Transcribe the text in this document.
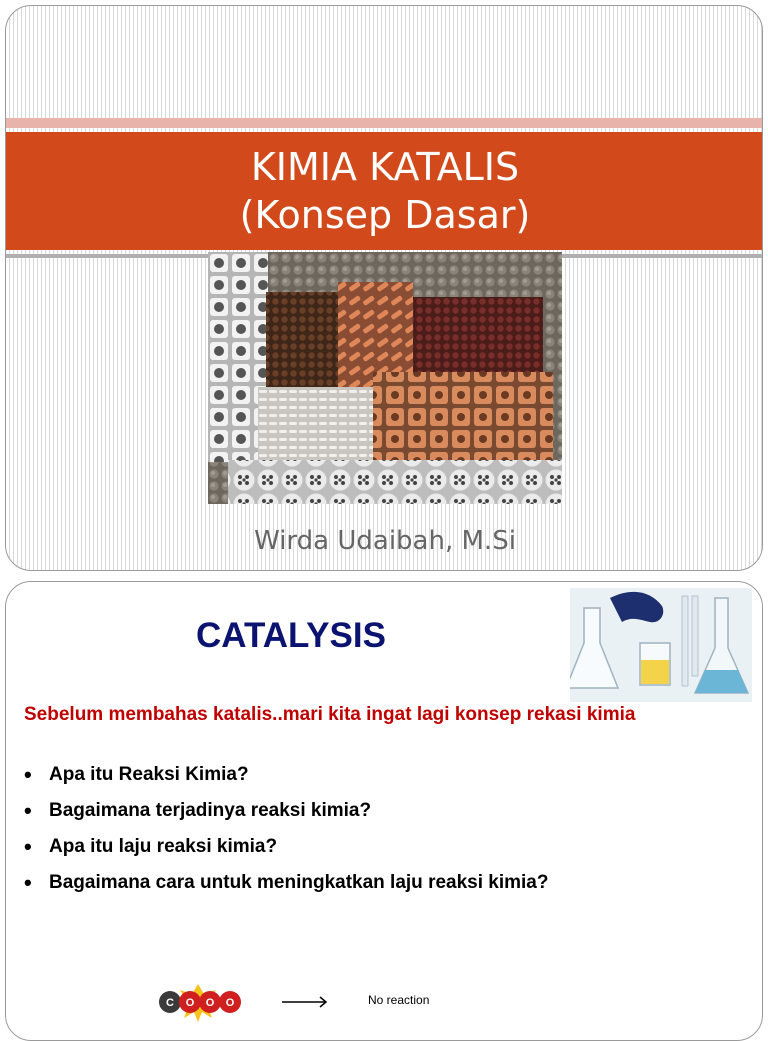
KIMIA KATALIS
(Konsep Dasar)
Wirda Udaibah, M.Si
CATALYSIS
Sebelum membahas katalis..mari kita ingat lagi konsep rekasi kimia
• Apa itu Reaksi Kimia?
• Bagaimana terjadinya reaksi kimia?
• Apa itu laju reaksi kimia?
• Bagaimana cara untuk meningkatkan laju reaksi kimia?
C O O O	No reaction
